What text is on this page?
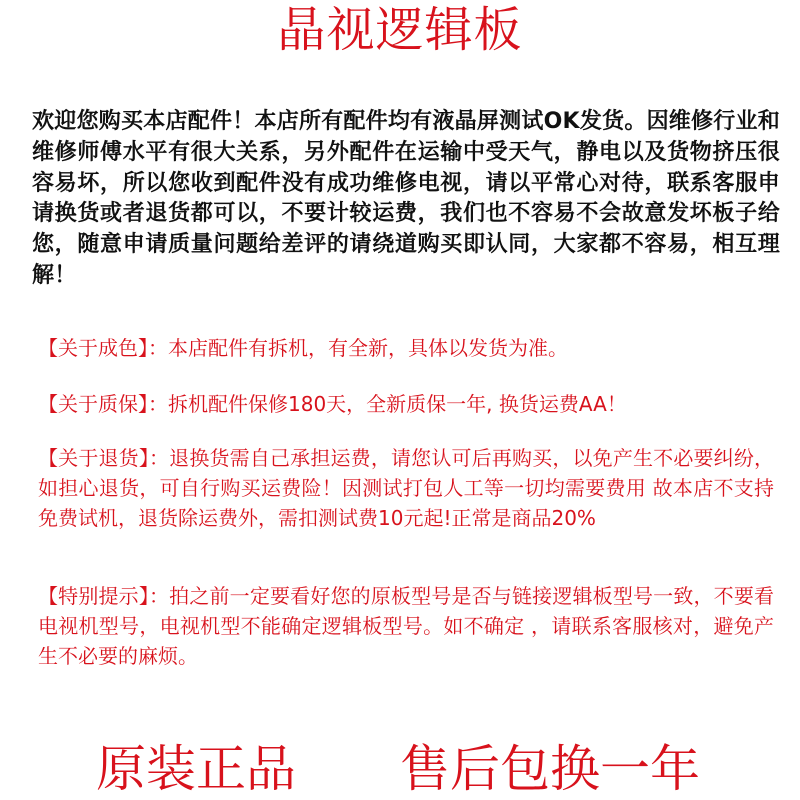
晶视逻辑板
欢迎您购买本店配件！本店所有配件均有液晶屏测试OK发货。因维修行业和维修师傅水平有很大关系，另外配件在运输中受天气，静电以及货物挤压很容易坏，所以您收到配件没有成功维修电视，请以平常心对待，联系客服申请换货或者退货都可以，不要计较运费，我们也不容易不会故意发坏板子给您，随意申请质量问题给差评的请绕道购买即认同，大家都不容易，相互理解！
【关于成色】：本店配件有拆机，有全新，具体以发货为准。
【关于质保】：拆机配件保修180天，全新质保一年, 换货运费AA！
【关于退货】：退换货需自己承担运费，请您认可后再购买，以免产生不必要纠纷，如担心退货，可自行购买运费险！因测试打包人工等一切均需要费用 故本店不支持免费试机，退货除运费外，需扣测试费10元起!正常是商品20%
【特别提示】：拍之前一定要看好您的原板型号是否与链接逻辑板型号一致，不要看电视机型号，电视机型不能确定逻辑板型号。如不确定 ，请联系客服核对，避免产生不必要的麻烦。
原装正品 售后包换一年
